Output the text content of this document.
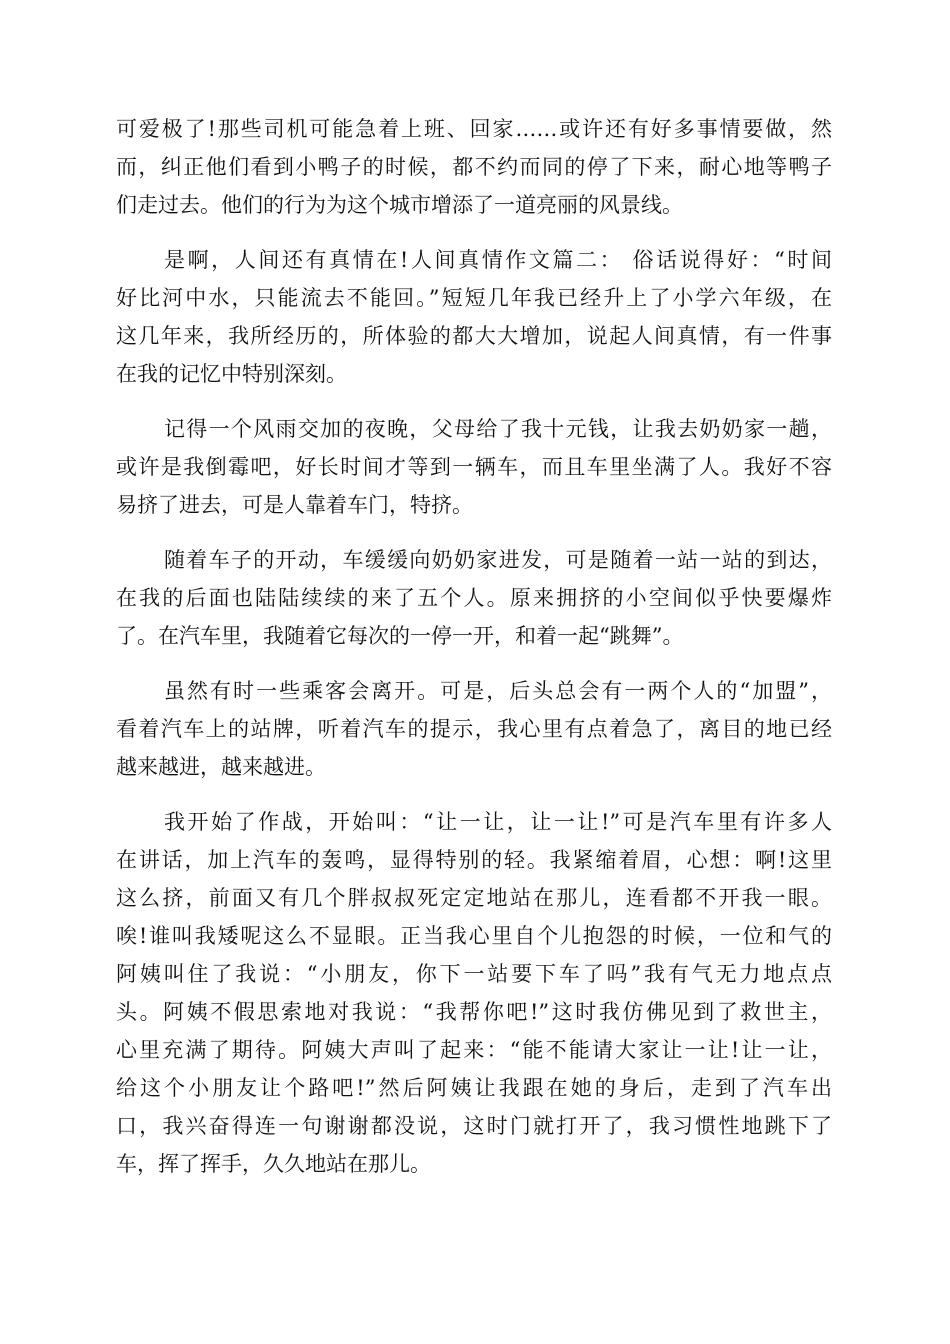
可爱极了!那些司机可能急着上班、回家……或许还有好多事情要做，然
而，纠正他们看到小鸭子的时候，都不约而同的停了下来，耐心地等鸭子
们走过去。他们的行为为这个城市增添了一道亮丽的风景线。
是啊，人间还有真情在!人间真情作文篇二： 俗话说得好：“时间
好比河中水，只能流去不能回。”短短几年我已经升上了小学六年级，在
这几年来，我所经历的，所体验的都大大增加，说起人间真情，有一件事
在我的记忆中特别深刻。
记得一个风雨交加的夜晚，父母给了我十元钱，让我去奶奶家一趟，
或许是我倒霉吧，好长时间才等到一辆车，而且车里坐满了人。我好不容
易挤了进去，可是人靠着车门，特挤。
随着车子的开动，车缓缓向奶奶家进发，可是随着一站一站的到达，
在我的后面也陆陆续续的来了五个人。原来拥挤的小空间似乎快要爆炸
了。在汽车里，我随着它每次的一停一开，和着一起“跳舞”。
虽然有时一些乘客会离开。可是，后头总会有一两个人的“加盟”，
看着汽车上的站牌，听着汽车的提示，我心里有点着急了，离目的地已经
越来越进，越来越进。
我开始了作战，开始叫：“让一让，让一让!”可是汽车里有许多人
在讲话，加上汽车的轰鸣，显得特别的轻。我紧缩着眉，心想：啊!这里
这么挤，前面又有几个胖叔叔死定定地站在那儿，连看都不开我一眼。
唉!谁叫我矮呢这么不显眼。正当我心里自个儿抱怨的时候，一位和气的
阿姨叫住了我说：“小朋友，你下一站要下车了吗”我有气无力地点点
头。阿姨不假思索地对我说：“我帮你吧!”这时我仿佛见到了救世主，
心里充满了期待。阿姨大声叫了起来：“能不能请大家让一让!让一让，
给这个小朋友让个路吧!”然后阿姨让我跟在她的身后，走到了汽车出
口，我兴奋得连一句谢谢都没说，这时门就打开了，我习惯性地跳下了
车，挥了挥手，久久地站在那儿。
